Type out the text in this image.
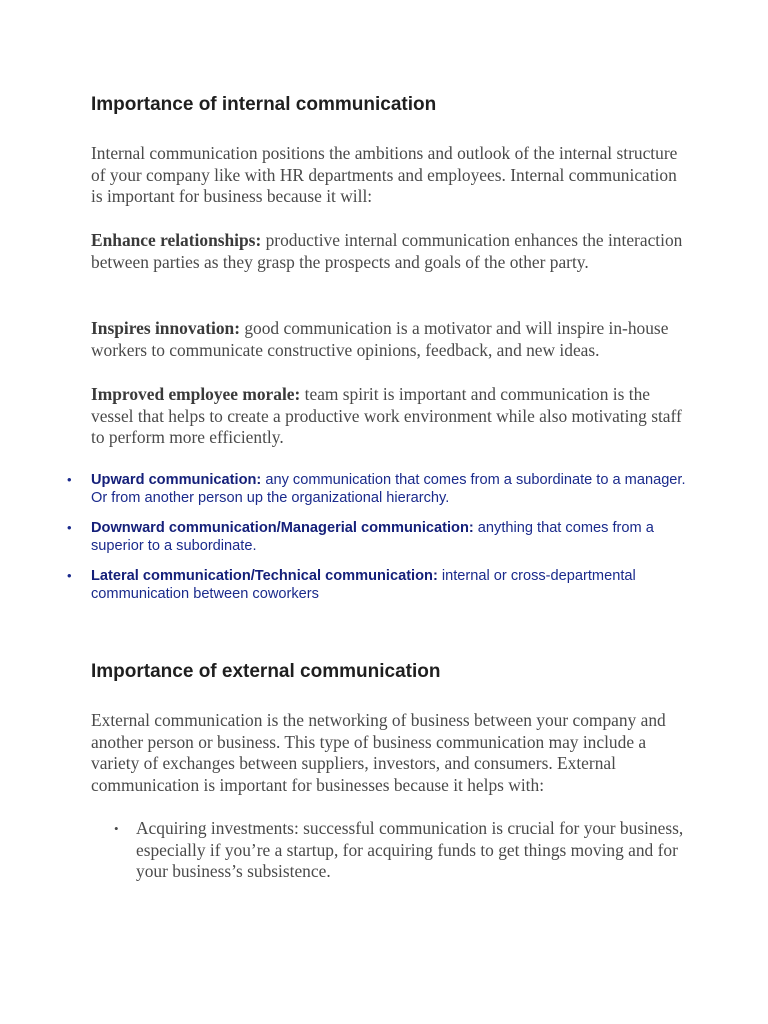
Importance of internal communication

Internal communication positions the ambitions and outlook of the internal structure of your company like with HR departments and employees. Internal communication is important for business because it will:

Enhance relationships: productive internal communication enhances the interaction between parties as they grasp the prospects and goals of the other party.

Inspires innovation: good communication is a motivator and will inspire in-house workers to communicate constructive opinions, feedback, and new ideas.

Improved employee morale: team spirit is important and communication is the vessel that helps to create a productive work environment while also motivating staff to perform more efficiently.

• Upward communication: any communication that comes from a subordinate to a manager. Or from another person up the organizational hierarchy.
• Downward communication/Managerial communication: anything that comes from a superior to a subordinate.
• Lateral communication/Technical communication: internal or cross-departmental communication between coworkers
Importance of external communication

External communication is the networking of business between your company and another person or business. This type of business communication may include a variety of exchanges between suppliers, investors, and consumers. External communication is important for businesses because it helps with:

• Acquiring investments: successful communication is crucial for your business, especially if you’re a startup, for acquiring funds to get things moving and for your business’s subsistence.
